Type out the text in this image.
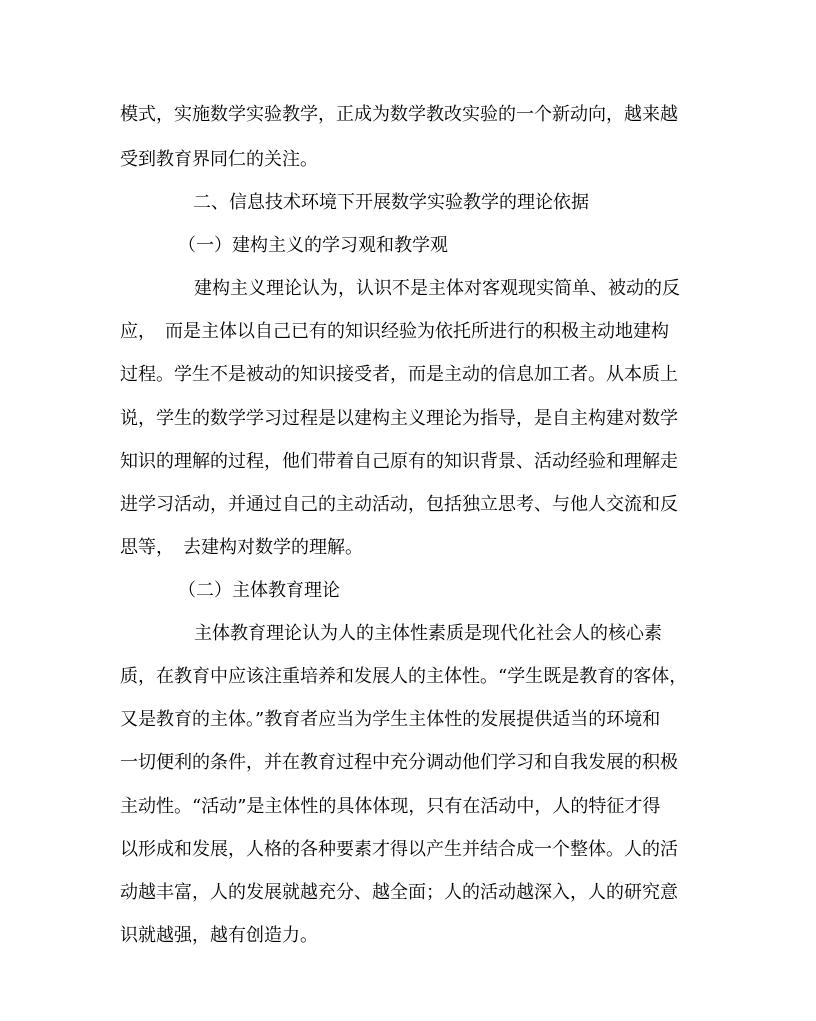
模式，实施数学实验教学，正成为数学教改实验的一个新动向，越来越
受到教育界同仁的关注。
二、信息技术环境下开展数学实验教学的理论依据
（一）建构主义的学习观和教学观
建构主义理论认为，认识不是主体对客观现实简单、被动的反
应，　而是主体以自己已有的知识经验为依托所进行的积极主动地建构
过程。学生不是被动的知识接受者，而是主动的信息加工者。从本质上
说，学生的数学学习过程是以建构主义理论为指导，是自主构建对数学
知识的理解的过程，他们带着自己原有的知识背景、活动经验和理解走
进学习活动，并通过自己的主动活动，包括独立思考、与他人交流和反
思等，　去建构对数学的理解。
（二）主体教育理论
主体教育理论认为人的主体性素质是现代化社会人的核心素
质，在教育中应该注重培养和发展人的主体性。“学生既是教育的客体，
又是教育的主体。”教育者应当为学生主体性的发展提供适当的环境和
一切便利的条件，并在教育过程中充分调动他们学习和自我发展的积极
主动性。“活动”是主体性的具体体现，只有在活动中，人的特征才得
以形成和发展，人格的各种要素才得以产生并结合成一个整体。人的活
动越丰富，人的发展就越充分、越全面；人的活动越深入，人的研究意
识就越强，越有创造力。
